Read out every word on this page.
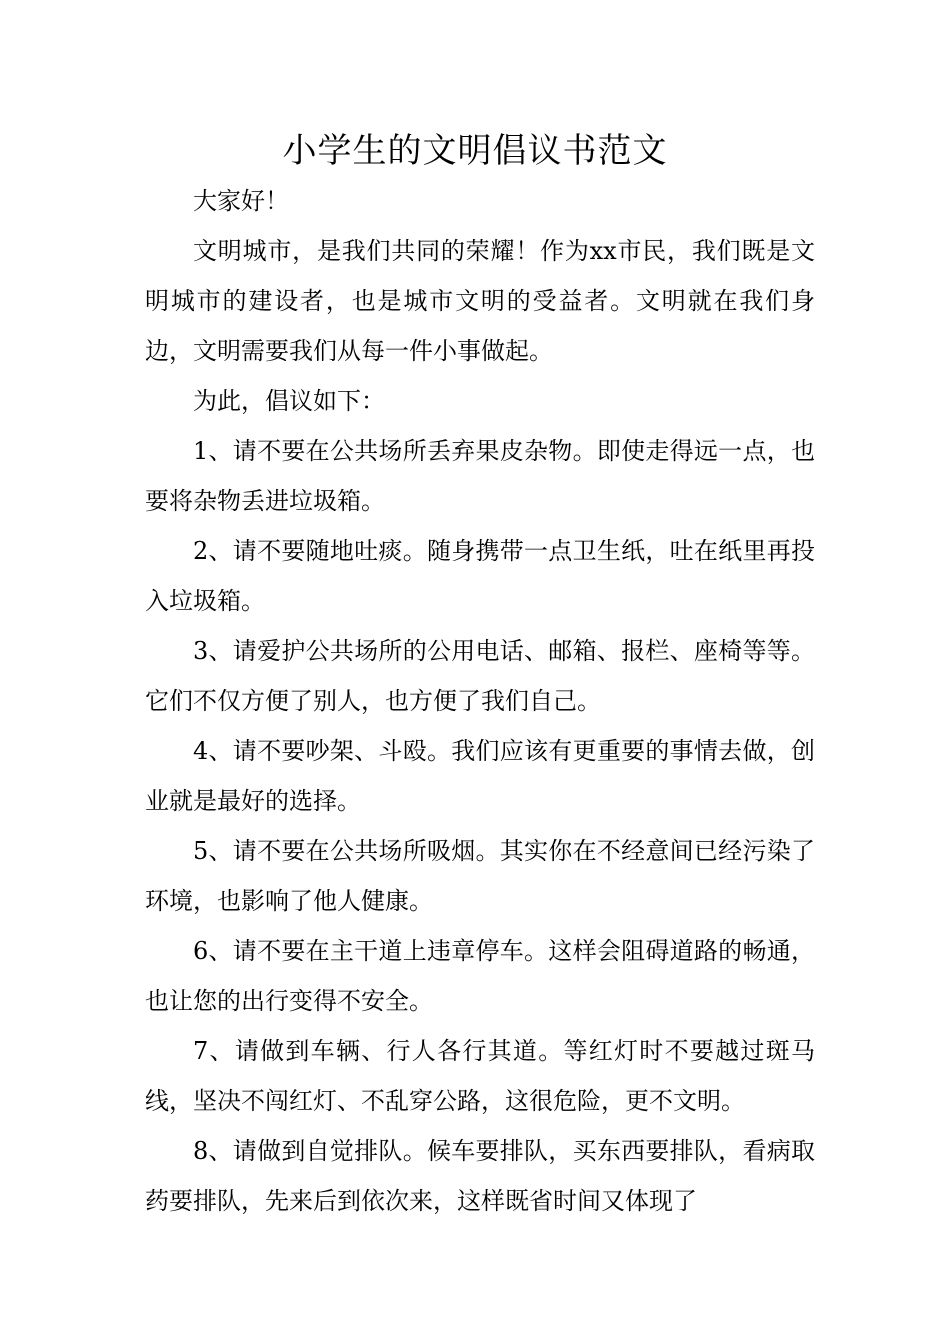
小学生的文明倡议书范文

大家好！

文明城市，是我们共同的荣耀！作为xx市民，我们既是文明城市的建设者，也是城市文明的受益者。文明就在我们身边，文明需要我们从每一件小事做起。

为此，倡议如下：

1、请不要在公共场所丢弃果皮杂物。即使走得远一点，也要将杂物丢进垃圾箱。

2、请不要随地吐痰。随身携带一点卫生纸，吐在纸里再投入垃圾箱。

3、请爱护公共场所的公用电话、邮箱、报栏、座椅等等。它们不仅方便了别人，也方便了我们自己。

4、请不要吵架、斗殴。我们应该有更重要的事情去做，创业就是最好的选择。

5、请不要在公共场所吸烟。其实你在不经意间已经污染了环境，也影响了他人健康。

6、请不要在主干道上违章停车。这样会阻碍道路的畅通，也让您的出行变得不安全。

7、请做到车辆、行人各行其道。等红灯时不要越过斑马线，坚决不闯红灯、不乱穿公路，这很危险，更不文明。

8、请做到自觉排队。候车要排队，买东西要排队，看病取药要排队，先来后到依次来，这样既省时间又体现了
